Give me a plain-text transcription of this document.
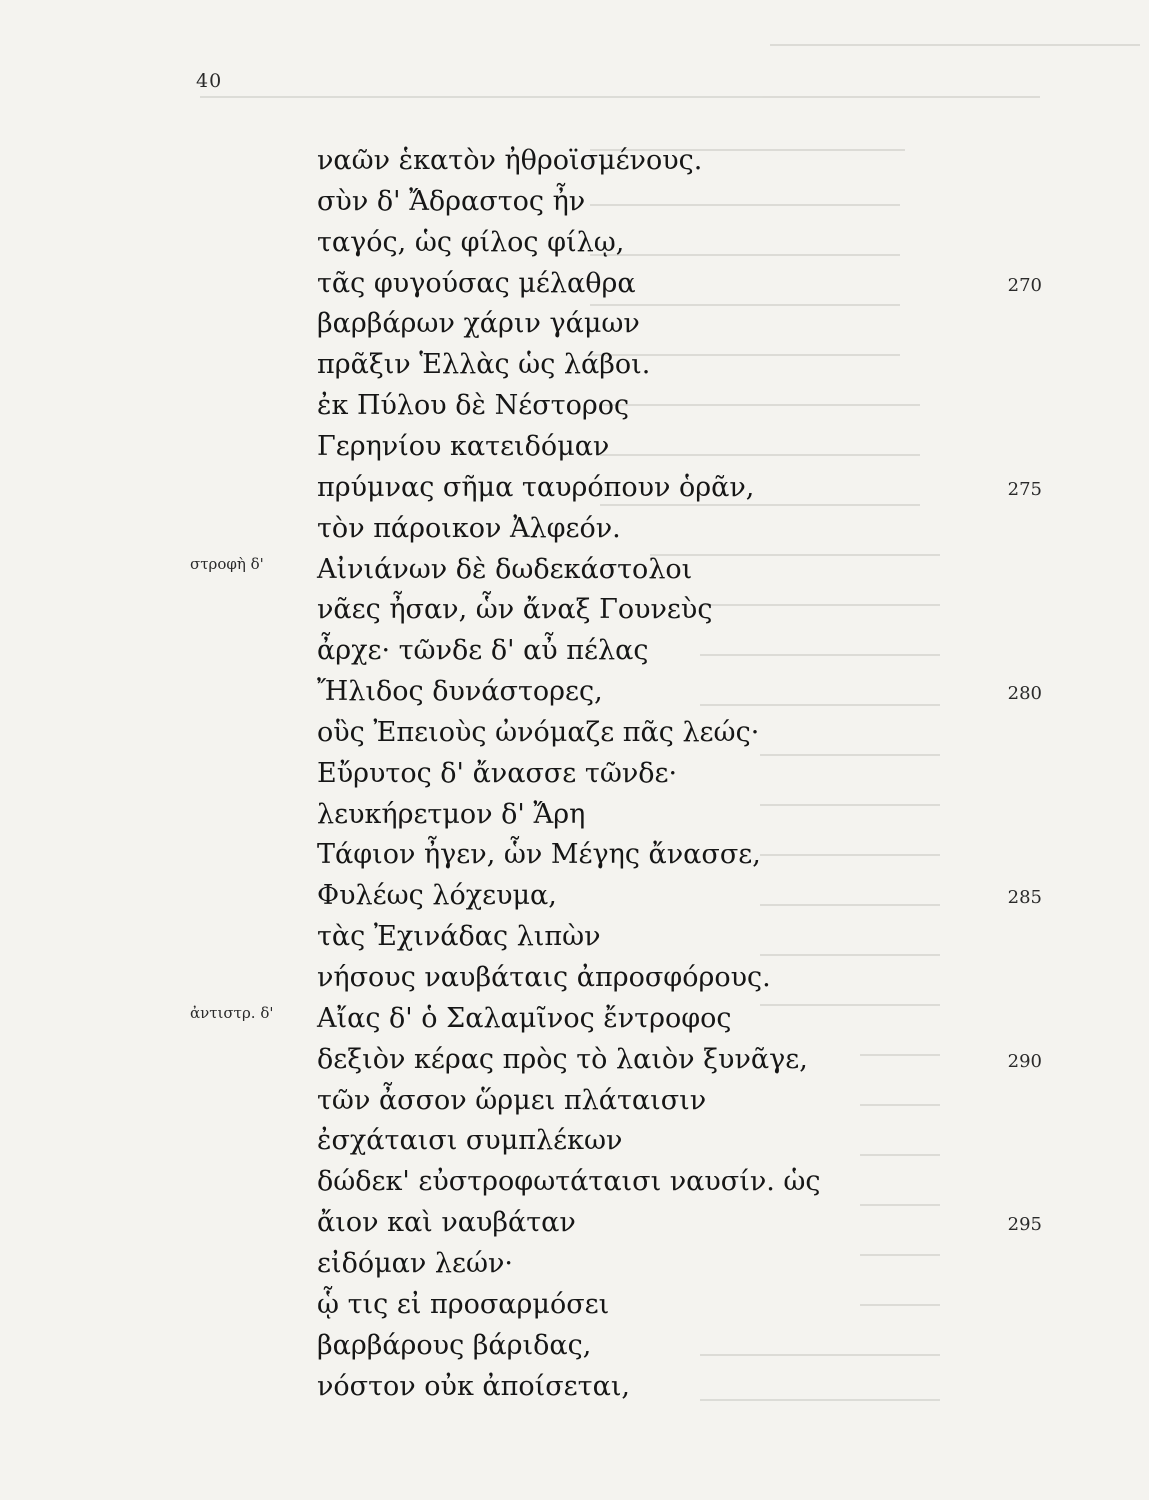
40
ναῶν ἑκατὸν ἠθροϊσμένους.
σὺν δ' Ἄδραστος ἦν
ταγός, ὡς φίλος φίλῳ,
τᾶς φυγούσας μέλαθρα	270
βαρβάρων χάριν γάμων
πρᾶξιν Ἑλλὰς ὡς λάβοι.
ἐκ Πύλου δὲ Νέστορος
Γερηνίου κατειδόμαν
πρύμνας σῆμα ταυρόπουν ὁρᾶν,	275
τὸν πάροικον Ἀλφεόν.
Αἰνιάνων δὲ δωδεκάστολοι
στροφὴ δ'
νᾶες ἦσαν, ὧν ἄναξ Γουνεὺς
ἆρχε· τῶνδε δ' αὖ πέλας
Ἤλιδος δυνάστορες,	280
οὓς Ἐπειοὺς ὠνόμαζε πᾶς λεώς·
Εὔρυτος δ' ἄνασσε τῶνδε·
λευκήρετμον δ' Ἄρη
Τάφιον ἦγεν, ὧν Μέγης ἄνασσε,
Φυλέως λόχευμα,	285
τὰς Ἐχινάδας λιπὼν
νήσους ναυβάταις ἀπροσφόρους.
Αἴας δ' ὁ Σαλαμῖνος ἔντροφος
ἀντιστρ. δ'
δεξιὸν κέρας πρὸς τὸ λαιὸν ξυνᾶγε,	290
τῶν ἆσσον ὥρμει πλάταισιν
ἐσχάταισι συμπλέκων
δώδεκ' εὐστροφωτάταισι ναυσίν. ὡς
ἄιον καὶ ναυβάταν	295
εἰδόμαν λεών·
ᾧ τις εἰ προσαρμόσει
βαρβάρους βάριδας,
νόστον οὐκ ἀποίσεται,
